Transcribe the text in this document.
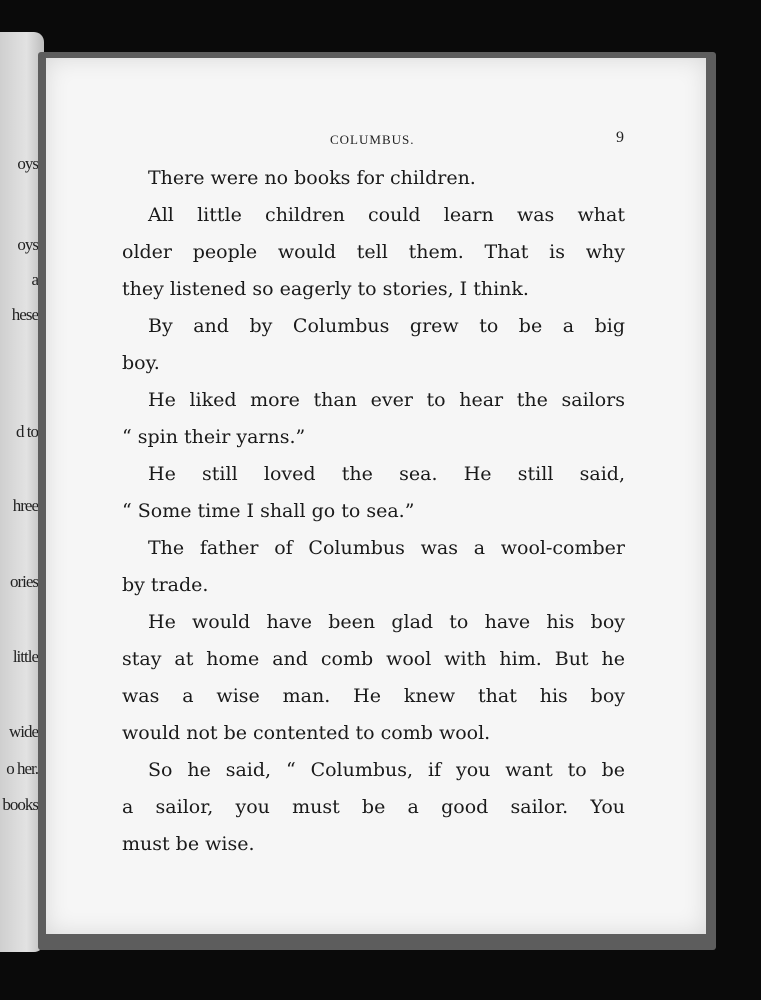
oys
oys
a
hese
d to
hree
ories
little
wide
o her.
books
COLUMBUS.	9

There were no books for children.

All little children could learn was what
older people would tell them. That is why
they listened so eagerly to stories, I think.

By and by Columbus grew to be a big
boy.

He liked more than ever to hear the sailors
“ spin their yarns.”

He still loved the sea. He still said,
“ Some time I shall go to sea.”

The father of Columbus was a wool-comber
by trade.

He would have been glad to have his boy
stay at home and comb wool with him. But he
was a wise man. He knew that his boy
would not be contented to comb wool.

So he said, “ Columbus, if you want to be
a sailor, you must be a good sailor. You
must be wise.
